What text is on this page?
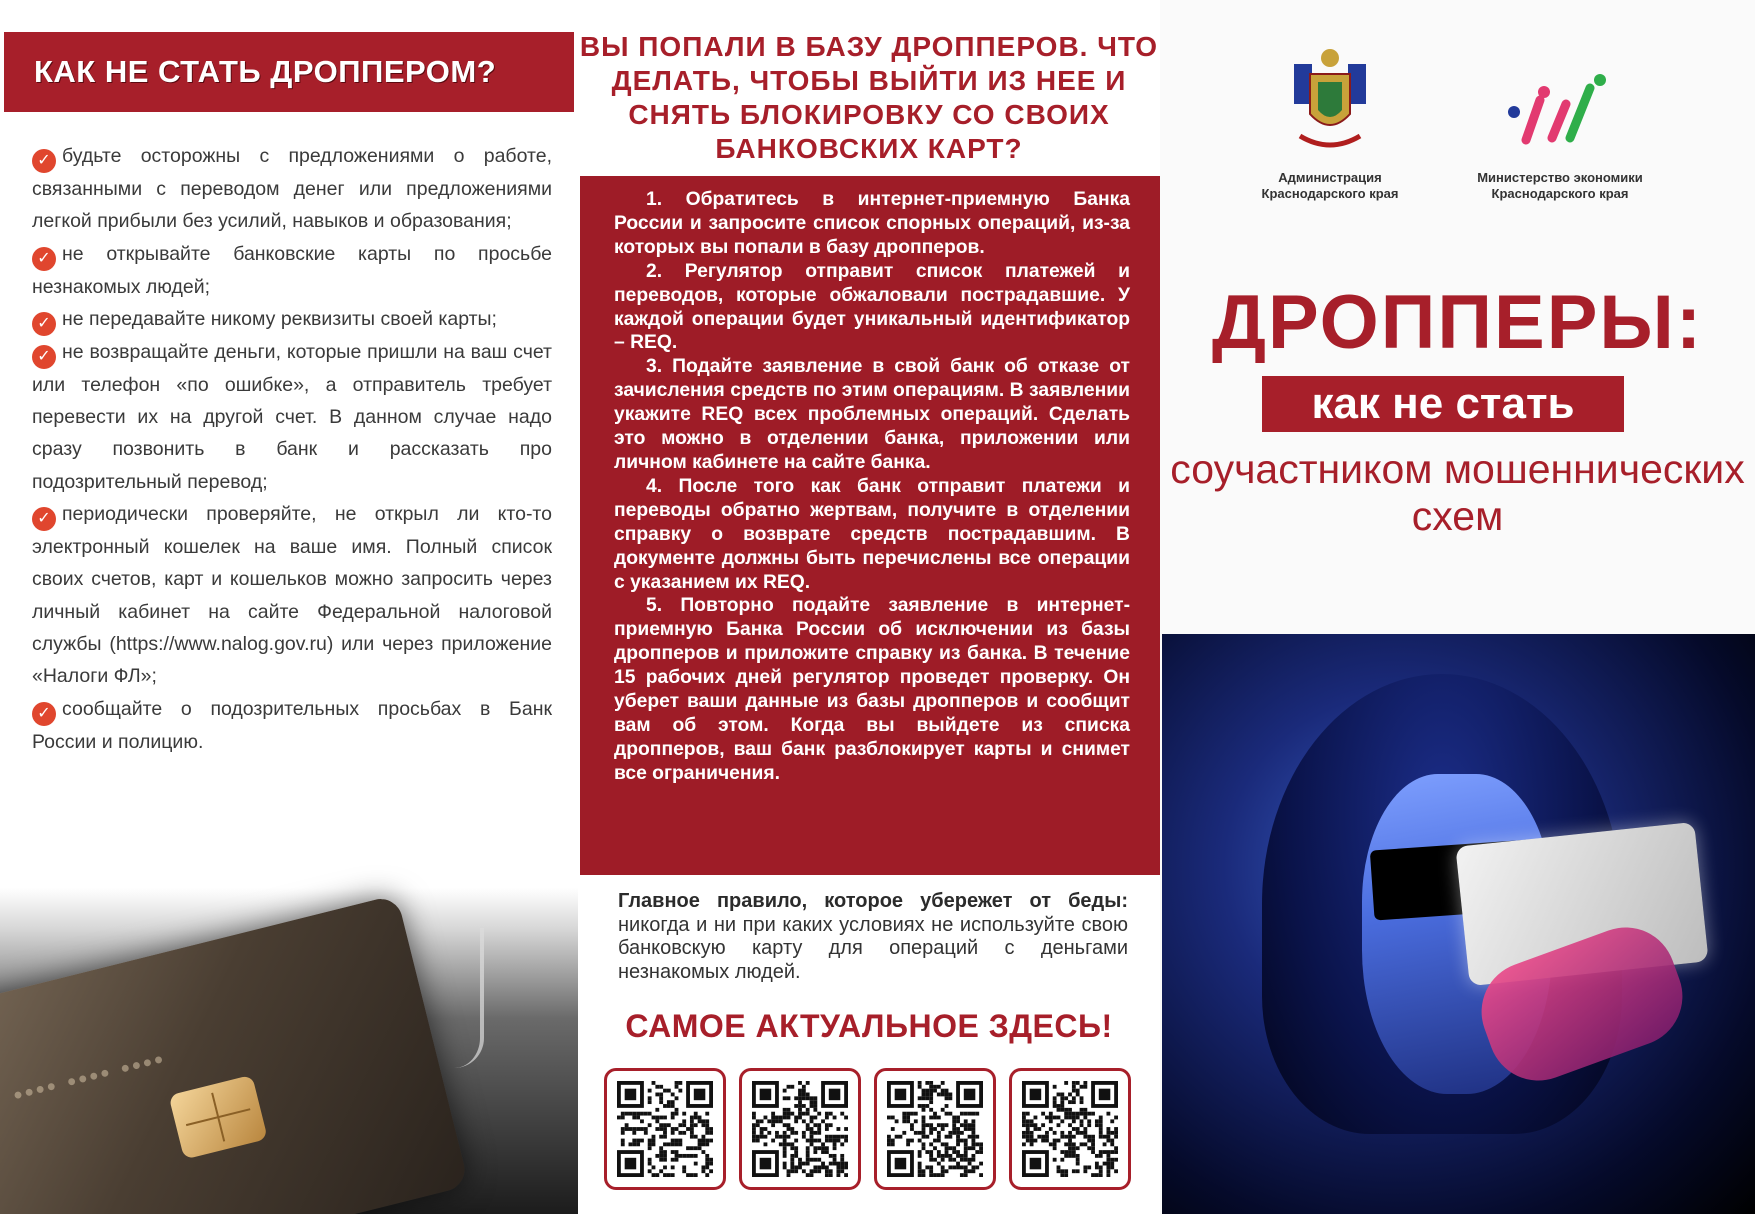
КАК НЕ СТАТЬ ДРОППЕРОМ?

✓ будьте осторожны с предложениями о работе, связанными с переводом денег или предложениями легкой прибыли без усилий, навыков и образования;

✓ не открывайте банковские карты по просьбе незнакомых людей;

✓ не передавайте никому реквизиты своей карты;

✓ не возвращайте деньги, которые пришли на ваш счет или телефон «по ошибке», а отправитель требует перевести их на другой счет. В данном случае надо сразу позвонить в банк и рассказать про подозрительный перевод;

✓ периодически проверяйте, не открыл ли кто-то электронный кошелек на ваше имя. Полный список своих счетов, карт и кошельков можно запросить через личный кабинет на сайте Федеральной налоговой службы (https://www.nalog.gov.ru) или через приложение «Налоги ФЛ»;

✓ сообщайте о подозрительных просьбах в Банк России и полицию.

•••• •••• ••••
ВЫ ПОПАЛИ В БАЗУ ДРОППЕРОВ. ЧТО ДЕЛАТЬ, ЧТОБЫ ВЫЙТИ ИЗ НЕЕ И СНЯТЬ БЛОКИРОВКУ СО СВОИХ БАНКОВСКИХ КАРТ?

1. Обратитесь в интернет-приемную Банка России и запросите список спорных операций, из-за которых вы попали в базу дропперов.

2. Регулятор отправит список платежей и переводов, которые обжаловали пострадавшие. У каждой операции будет уникальный идентификатор – REQ.

3. Подайте заявление в свой банк об отказе от зачисления средств по этим операциям. В заявлении укажите REQ всех проблемных операций. Сделать это можно в отделении банка, приложении или личном кабинете на сайте банка.

4. После того как банк отправит платежи и переводы обратно жертвам, получите в отделении справку о возврате средств пострадавшим. В документе должны быть перечислены все операции с указанием их REQ.

5. Повторно подайте заявление в интернет-приемную Банка России об исключении из базы дропперов и приложите справку из банка. В течение 15 рабочих дней регулятор проведет проверку. Он уберет ваши данные из базы дропперов и сообщит вам об этом. Когда вы выйдете из списка дропперов, ваш банк разблокирует карты и снимет все ограничения.

Главное правило, которое убережет от беды: никогда и ни при каких условиях не используйте свою банковскую карту для операций с деньгами незнакомых людей.
САМОЕ АКТУАЛЬНОЕ ЗДЕСЬ!
Администрация Краснодарского края
Министерство экономики Краснодарского края
ДРОППЕРЫ:
как не стать
соучастником мошеннических схем
